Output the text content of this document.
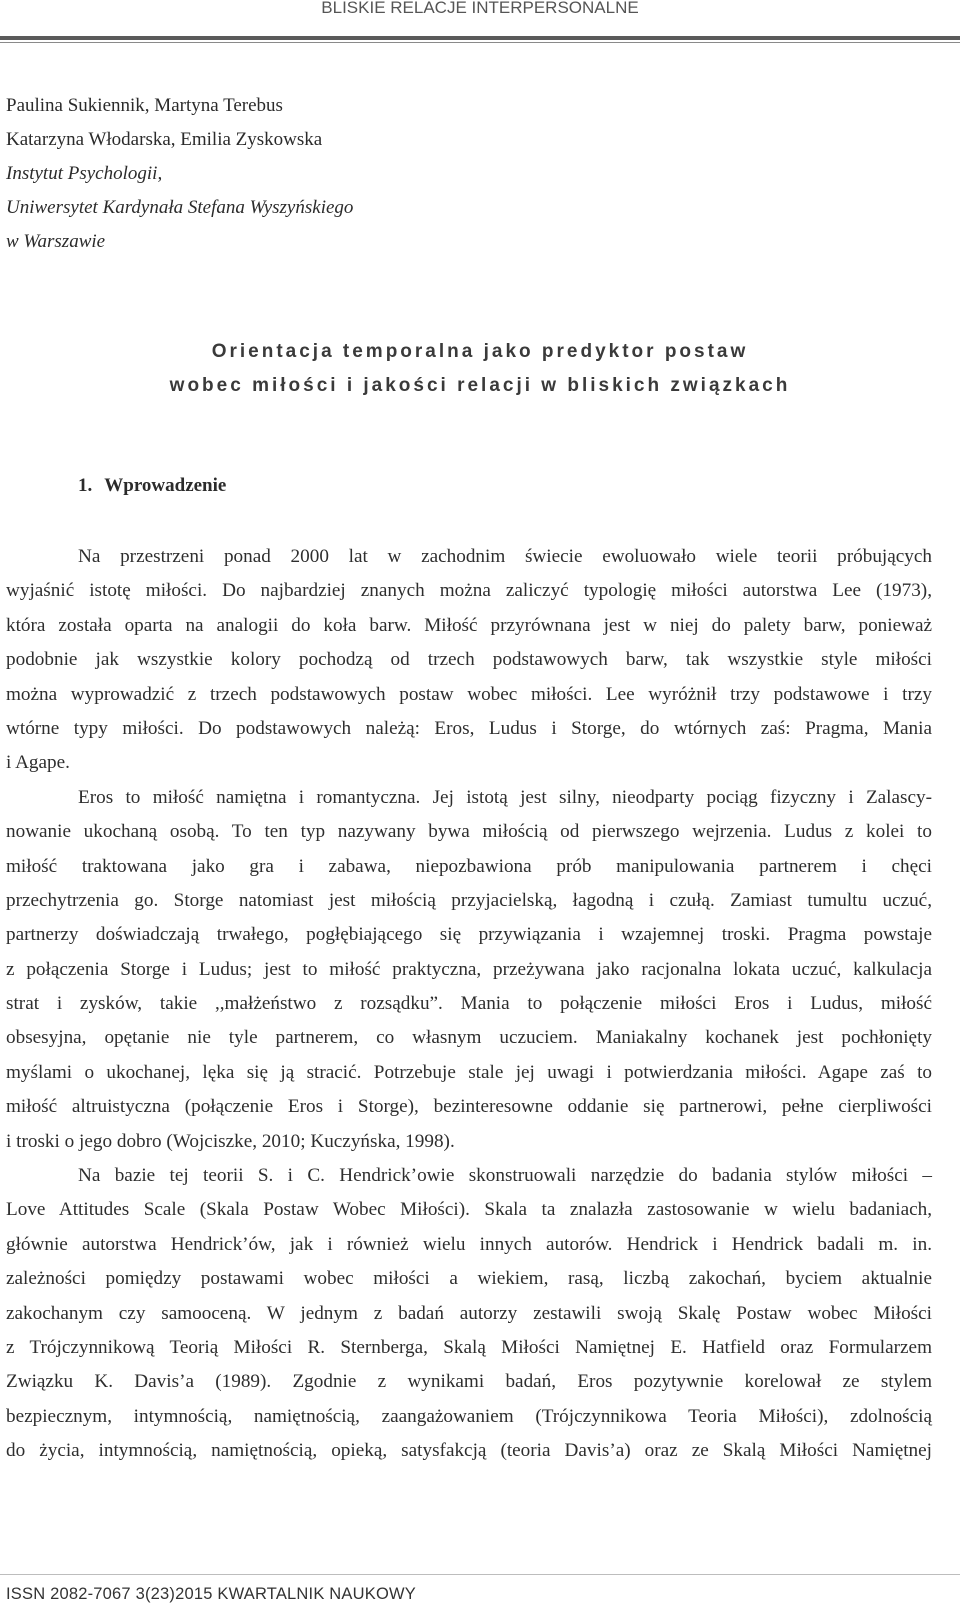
BLISKIE RELACJE INTERPERSONALNE
Paulina Sukiennik, Martyna Terebus
Katarzyna Włodarska, Emilia Zyskowska
Instytut Psychologii,
Uniwersytet Kardynała Stefana Wyszyńskiego
w Warszawie
Orientacja temporalna jako predyktor postaw
wobec miłości i jakości relacji w bliskich związkach
1. Wprowadzenie
Na przestrzeni ponad 2000 lat w zachodnim świecie ewoluowało wiele teorii próbujących
wyjaśnić istotę miłości. Do najbardziej znanych można zaliczyć typologię miłości autorstwa Lee (1973),
która została oparta na analogii do koła barw. Miłość przyrównana jest w niej do palety barw, ponieważ
podobnie jak wszystkie kolory pochodzą od trzech podstawowych barw, tak wszystkie style miłości
można wyprowadzić z trzech podstawowych postaw wobec miłości. Lee wyróżnił trzy podstawowe i trzy
wtórne typy miłości. Do podstawowych należą: Eros, Ludus i Storge, do wtórnych zaś: Pragma, Mania
i Agape.
Eros to miłość namiętna i romantyczna. Jej istotą jest silny, nieodparty pociąg fizyczny i Zalascy-
nowanie ukochaną osobą. To ten typ nazywany bywa miłością od pierwszego wejrzenia. Ludus z kolei to
miłość traktowana jako gra i zabawa, niepozbawiona prób manipulowania partnerem i chęci
przechytrzenia go. Storge natomiast jest miłością przyjacielską, łagodną i czułą. Zamiast tumultu uczuć,
partnerzy doświadczają trwałego, pogłębiającego się przywiązania i wzajemnej troski. Pragma powstaje
z połączenia Storge i Ludus; jest to miłość praktyczna, przeżywana jako racjonalna lokata uczuć, kalkulacja
strat i zysków, takie ,,małżeństwo z rozsądku”. Mania to połączenie miłości Eros i Ludus, miłość
obsesyjna, opętanie nie tyle partnerem, co własnym uczuciem. Maniakalny kochanek jest pochłonięty
myślami o ukochanej, lęka się ją stracić. Potrzebuje stale jej uwagi i potwierdzania miłości. Agape zaś to
miłość altruistyczna (połączenie Eros i Storge), bezinteresowne oddanie się partnerowi, pełne cierpliwości
i troski o jego dobro (Wojciszke, 2010; Kuczyńska, 1998).
Na bazie tej teorii S. i C. Hendrick’owie skonstruowali narzędzie do badania stylów miłości –
Love Attitudes Scale (Skala Postaw Wobec Miłości). Skala ta znalazła zastosowanie w wielu badaniach,
głównie autorstwa Hendrick’ów, jak i również wielu innych autorów. Hendrick i Hendrick badali m. in.
zależności pomiędzy postawami wobec miłości a wiekiem, rasą, liczbą zakochań, byciem aktualnie
zakochanym czy samooceną. W jednym z badań autorzy zestawili swoją Skalę Postaw wobec Miłości
z Trójczynnikową Teorią Miłości R. Sternberga, Skalą Miłości Namiętnej E. Hatfield oraz Formularzem
Związku K. Davis’a (1989). Zgodnie z wynikami badań, Eros pozytywnie korelował ze stylem
bezpiecznym, intymnością, namiętnością, zaangażowaniem (Trójczynnikowa Teoria Miłości), zdolnością
do życia, intymnością, namiętnością, opieką, satysfakcją (teoria Davis’a) oraz ze Skalą Miłości Namiętnej
ISSN 2082-7067 3(23)2015 KWARTALNIK NAUKOWY
